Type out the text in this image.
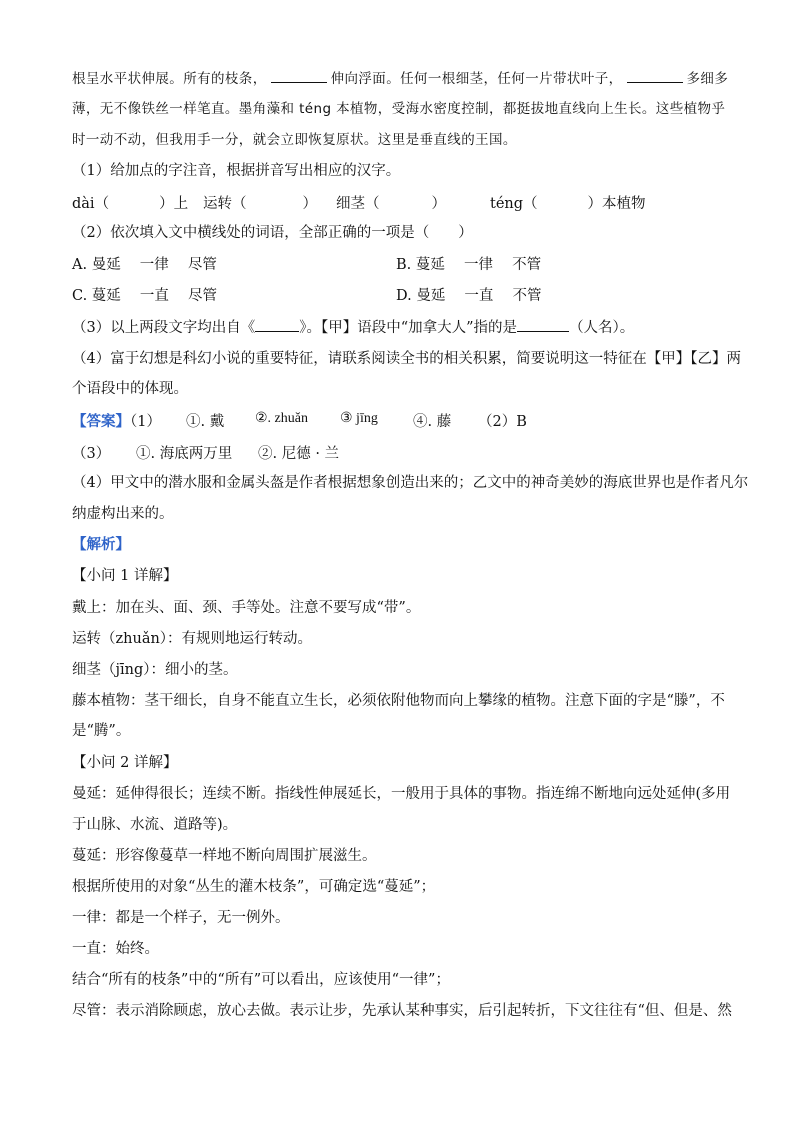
根呈水平状伸展。所有的枝条，	伸向浮面。任何一根细茎，任何一片带状叶子，	多细多
薄，无不像铁丝一样笔直。墨角藻和 téng 本植物，受海水密度控制，都挺拔地直线向上生长。这些植物乎
时一动不动，但我用手一分，就会立即恢复原状。这里是垂直线的王国。
（1）给加点的字注音，根据拼音写出相应的汉字。
dài（	）上 运转（	） 细茎（	）	téng（	）本植物
（2）依次填入文中横线处的词语，全部正确的一项是（　　）
A. 曼延　 一律　 尽管	B. 蔓延　 一律　 不管
C. 蔓延　 一直　 尽管	D. 曼延　 一直　 不管
（3）以上两段文字均出自《	》。【甲】语段中“加拿大人”指的是	（人名）。
（4）富于幻想是科幻小说的重要特征，请联系阅读全书的相关积累，简要说明这一特征在【甲】【乙】两
个语段中的体现。
【答案】（1） ①. 戴 ②. zhuǎn ③ jīng ④. 藤 （2）B
（3） ①. 海底两万里 ②. 尼德 · 兰
（4）甲文中的潜水服和金属头盔是作者根据想象创造出来的；乙文中的神奇美妙的海底世界也是作者凡尔
纳虚构出来的。
【解析】
【小问 1 详解】
戴上：加在头、面、颈、手等处。注意不要写成“带”。
运转（zhuǎn）：有规则地运行转动。
细茎（jīng）：细小的茎。
藤本植物：茎干细长，自身不能直立生长，必须依附他物而向上攀缘的植物。注意下面的字是“滕”，不
是“腾”。
【小问 2 详解】
曼延：延伸得很长；连续不断。指线性伸展延长，一般用于具体的事物。指连绵不断地向远处延伸(多用
于山脉、水流、道路等)。
蔓延：形容像蔓草一样地不断向周围扩展滋生。
根据所使用的对象“丛生的灌木枝条”，可确定选“蔓延”；
一律：都是一个样子，无一例外。
一直：始终。
结合“所有的枝条”中的“所有”可以看出，应该使用“一律”；
尽管：表示消除顾虑，放心去做。表示让步，先承认某种事实，后引起转折，下文往往有“但、但是、然
